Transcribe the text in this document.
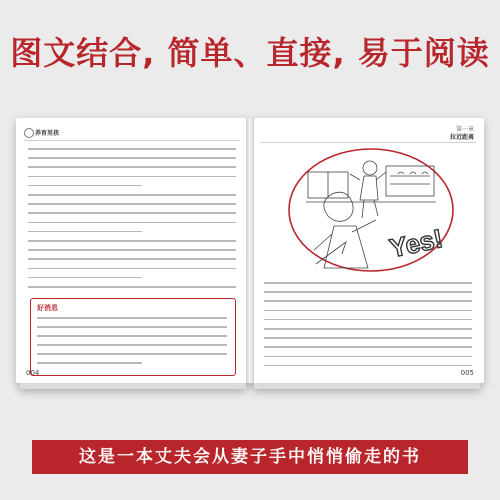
图文结合, 简单、直接, 易于阅读
养育男孩
好消息
004
第一章
拉近距离
Yes!
005
这是一本丈夫会从妻子手中悄悄偷走的书
